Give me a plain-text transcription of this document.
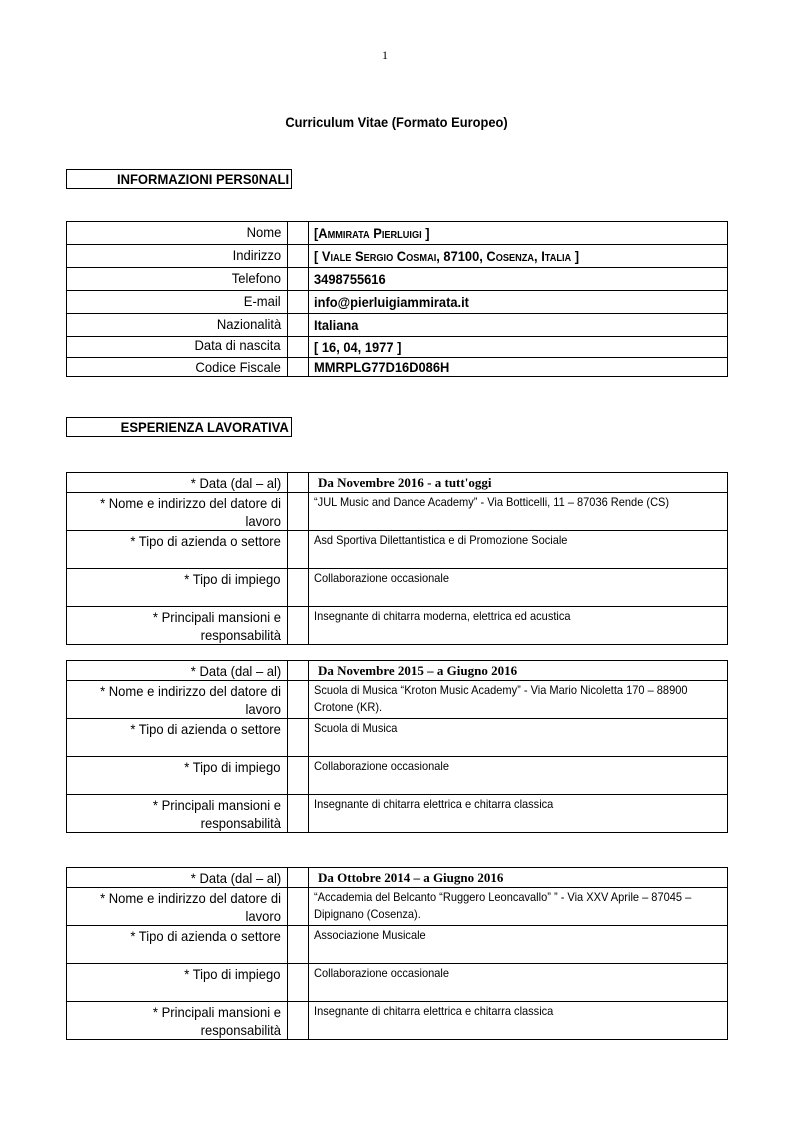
1
Curriculum Vitae (Formato Europeo)
INFORMAZIONI PERS0NALI
Nome		[Ammirata Pierluigi ]
Indirizzo		[ Viale Sergio Cosmai, 87100, Cosenza, Italia ]
Telefono		3498755616
E-mail		info@pierluigiammirata.it
Nazionalità		Italiana
Data di nascita		[ 16, 04, 1977 ]
Codice Fiscale		MMRPLG77D16D086H
ESPERIENZA LAVORATIVA
* Data (dal – al)		Da Novembre 2016 - a tutt'oggi
* Nome e indirizzo del datore di lavoro		“JUL Music and Dance Academy” - Via Botticelli, 11 – 87036 Rende (CS)
* Tipo di azienda o settore		Asd Sportiva Dilettantistica e di Promozione Sociale
* Tipo di impiego		Collaborazione occasionale
* Principali mansioni e responsabilità		Insegnante di chitarra moderna, elettrica ed acustica
* Data (dal – al)		Da Novembre 2015 – a Giugno 2016
* Nome e indirizzo del datore di lavoro		Scuola di Musica “Kroton Music Academy” - Via Mario Nicoletta 170 – 88900 Crotone (KR).
* Tipo di azienda o settore		Scuola di Musica
* Tipo di impiego		Collaborazione occasionale
* Principali mansioni e responsabilità		Insegnante di chitarra elettrica e chitarra classica
* Data (dal – al)		Da Ottobre 2014 – a Giugno 2016
* Nome e indirizzo del datore di lavoro		“Accademia del Belcanto “Ruggero Leoncavallo” ” - Via XXV Aprile – 87045 – Dipignano (Cosenza).
* Tipo di azienda o settore		Associazione Musicale
* Tipo di impiego		Collaborazione occasionale
* Principali mansioni e responsabilità		Insegnante di chitarra elettrica e chitarra classica
